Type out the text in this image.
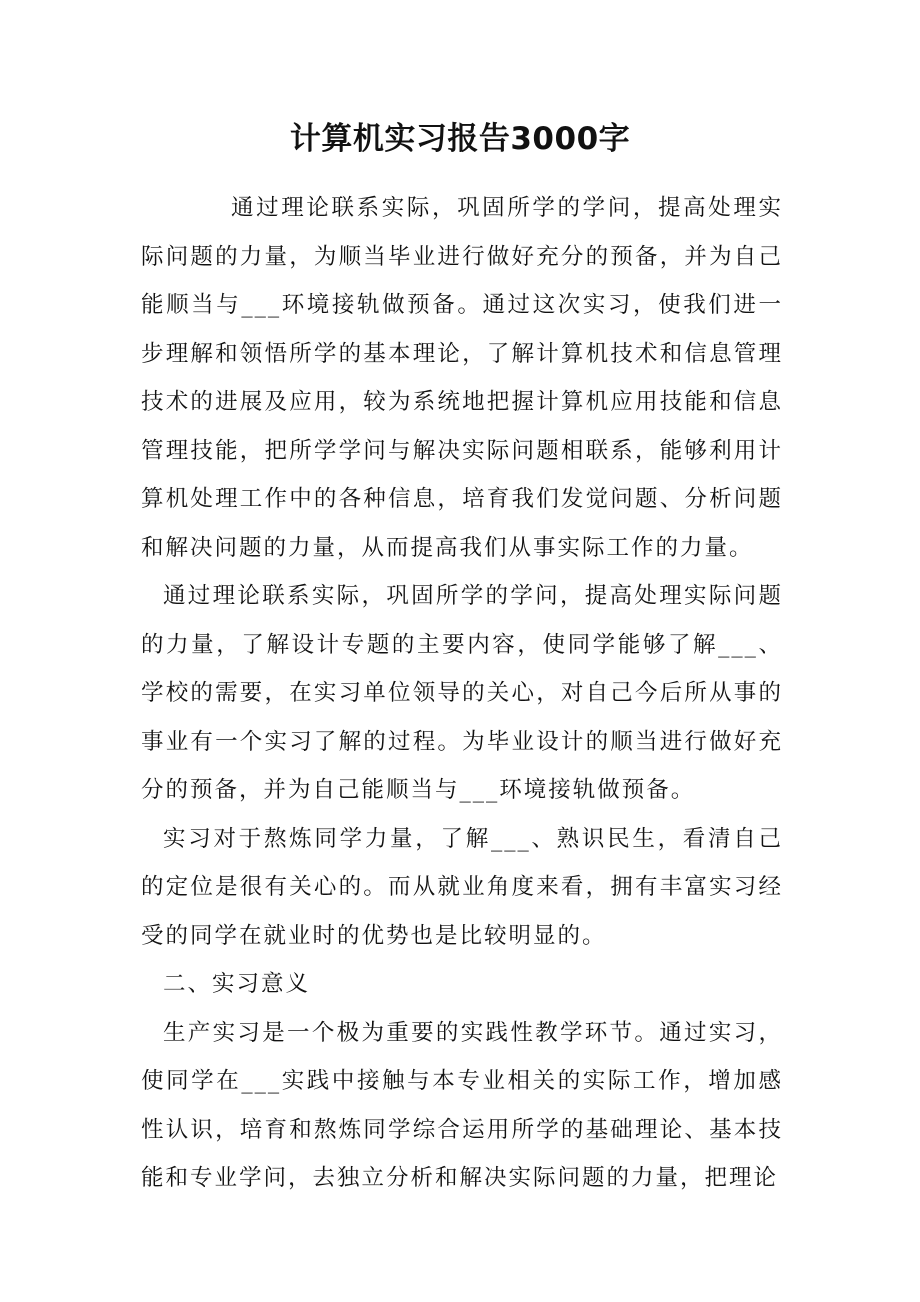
计算机实习报告3000字

通过理论联系实际，巩固所学的学问，提高处理实际问题的力量，为顺当毕业进行做好充分的预备，并为自己能顺当与___环境接轨做预备。通过这次实习，使我们进一步理解和领悟所学的基本理论，了解计算机技术和信息管理技术的进展及应用，较为系统地把握计算机应用技能和信息管理技能，把所学学问与解决实际问题相联系，能够利用计算机处理工作中的各种信息，培育我们发觉问题、分析问题和解决问题的力量，从而提高我们从事实际工作的力量。

通过理论联系实际，巩固所学的学问，提高处理实际问题的力量，了解设计专题的主要内容，使同学能够了解___、学校的需要，在实习单位领导的关心，对自己今后所从事的事业有一个实习了解的过程。为毕业设计的顺当进行做好充分的预备，并为自己能顺当与___环境接轨做预备。

实习对于熬炼同学力量，了解___、熟识民生，看清自己的定位是很有关心的。而从就业角度来看，拥有丰富实习经受的同学在就业时的优势也是比较明显的。

二、实习意义

生产实习是一个极为重要的实践性教学环节。通过实习，使同学在___实践中接触与本专业相关的实际工作，增加感性认识，培育和熬炼同学综合运用所学的基础理论、基本技能和专业学问，去独立分析和解决实际问题的力量，把理论
